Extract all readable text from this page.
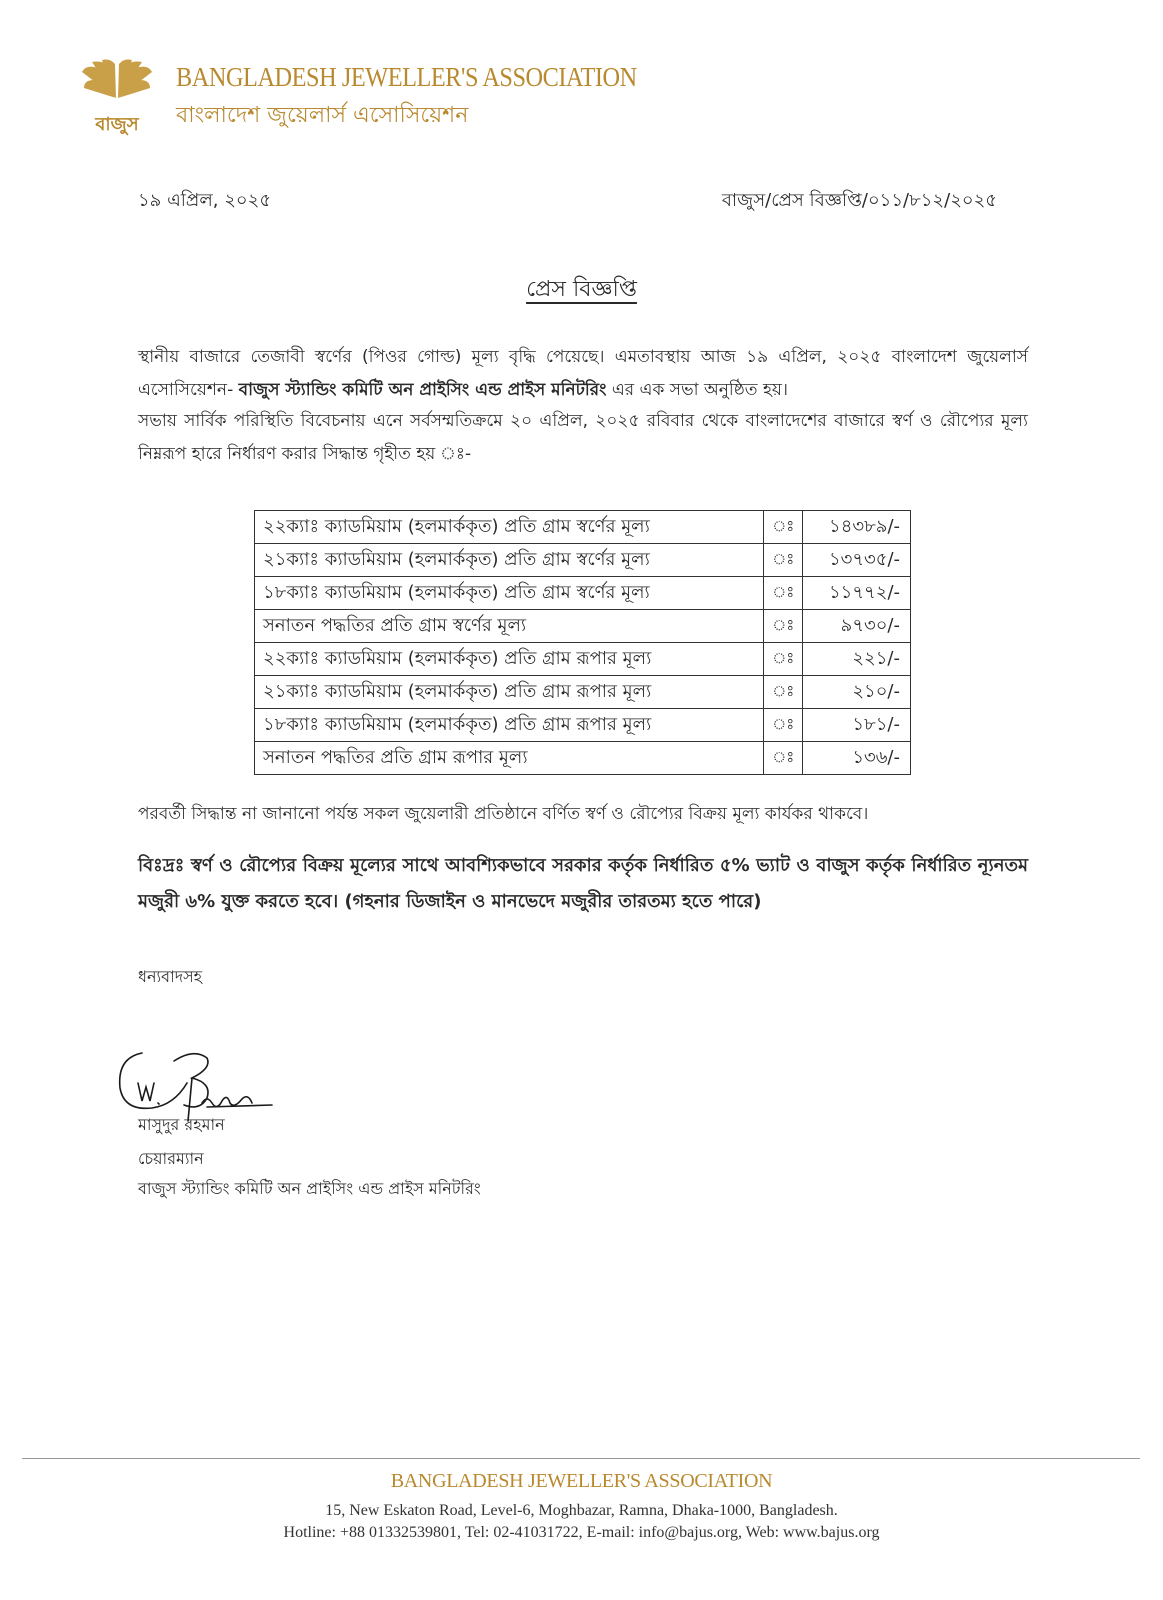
বাজুস
BANGLADESH JEWELLER'S ASSOCIATION
বাংলাদেশ জুয়েলার্স এসোসিয়েশন
১৯ এপ্রিল, ২০২৫	বাজুস/প্রেস বিজ্ঞপ্তি/০১১/৮১২/২০২৫
প্রেস বিজ্ঞপ্তি
স্থানীয় বাজারে তেজাবী স্বর্ণের (পিওর গোল্ড) মূল্য বৃদ্ধি পেয়েছে। এমতাবস্থায় আজ ১৯ এপ্রিল, ২০২৫ বাংলাদেশ জুয়েলার্স এসোসিয়েশন- বাজুস স্ট্যান্ডিং কমিটি অন প্রাইসিং এন্ড প্রাইস মনিটরিং এর এক সভা অনুষ্ঠিত হয়।
সভায় সার্বিক পরিস্থিতি বিবেচনায় এনে সর্বসম্মতিক্রমে ২০ এপ্রিল, ২০২৫ রবিবার থেকে বাংলাদেশের বাজারে স্বর্ণ ও রৌপ্যের মূল্য নিম্নরূপ হারে নির্ধারণ করার সিদ্ধান্ত গৃহীত হয় ঃ-
২২ক্যাঃ ক্যাডমিয়াম (হলমার্ককৃত) প্রতি গ্রাম স্বর্ণের মূল্য	ঃ	১৪৩৮৯/-
২১ক্যাঃ ক্যাডমিয়াম (হলমার্ককৃত) প্রতি গ্রাম স্বর্ণের মূল্য	ঃ	১৩৭৩৫/-
১৮ক্যাঃ ক্যাডমিয়াম (হলমার্ককৃত) প্রতি গ্রাম স্বর্ণের মূল্য	ঃ	১১৭৭২/-
সনাতন পদ্ধতির প্রতি গ্রাম স্বর্ণের মূল্য	ঃ	৯৭৩০/-
২২ক্যাঃ ক্যাডমিয়াম (হলমার্ককৃত) প্রতি গ্রাম রূপার মূল্য	ঃ	২২১/-
২১ক্যাঃ ক্যাডমিয়াম (হলমার্ককৃত) প্রতি গ্রাম রূপার মূল্য	ঃ	২১০/-
১৮ক্যাঃ ক্যাডমিয়াম (হলমার্ককৃত) প্রতি গ্রাম রূপার মূল্য	ঃ	১৮১/-
সনাতন পদ্ধতির প্রতি গ্রাম রূপার মূল্য	ঃ	১৩৬/-
পরবর্তী সিদ্ধান্ত না জানানো পর্যন্ত সকল জুয়েলারী প্রতিষ্ঠানে বর্ণিত স্বর্ণ ও রৌপ্যের বিক্রয় মূল্য কার্যকর থাকবে।
বিঃদ্রঃ স্বর্ণ ও রৌপ্যের বিক্রয় মূল্যের সাথে আবশ্যিকভাবে সরকার কর্তৃক নির্ধারিত ৫% ভ্যাট ও বাজুস কর্তৃক নির্ধারিত ন্যূনতম মজুরী ৬% যুক্ত করতে হবে। (গহনার ডিজাইন ও মানভেদে মজুরীর তারতম্য হতে পারে)
ধন্যবাদসহ
মাসুদুর রহমান
চেয়ারম্যান
বাজুস স্ট্যান্ডিং কমিটি অন প্রাইসিং এন্ড প্রাইস মনিটরিং
BANGLADESH JEWELLER'S ASSOCIATION
15, New Eskaton Road, Level-6, Moghbazar, Ramna, Dhaka-1000, Bangladesh.
Hotline: +88 01332539801, Tel: 02-41031722, E-mail: info@bajus.org, Web: www.bajus.org
